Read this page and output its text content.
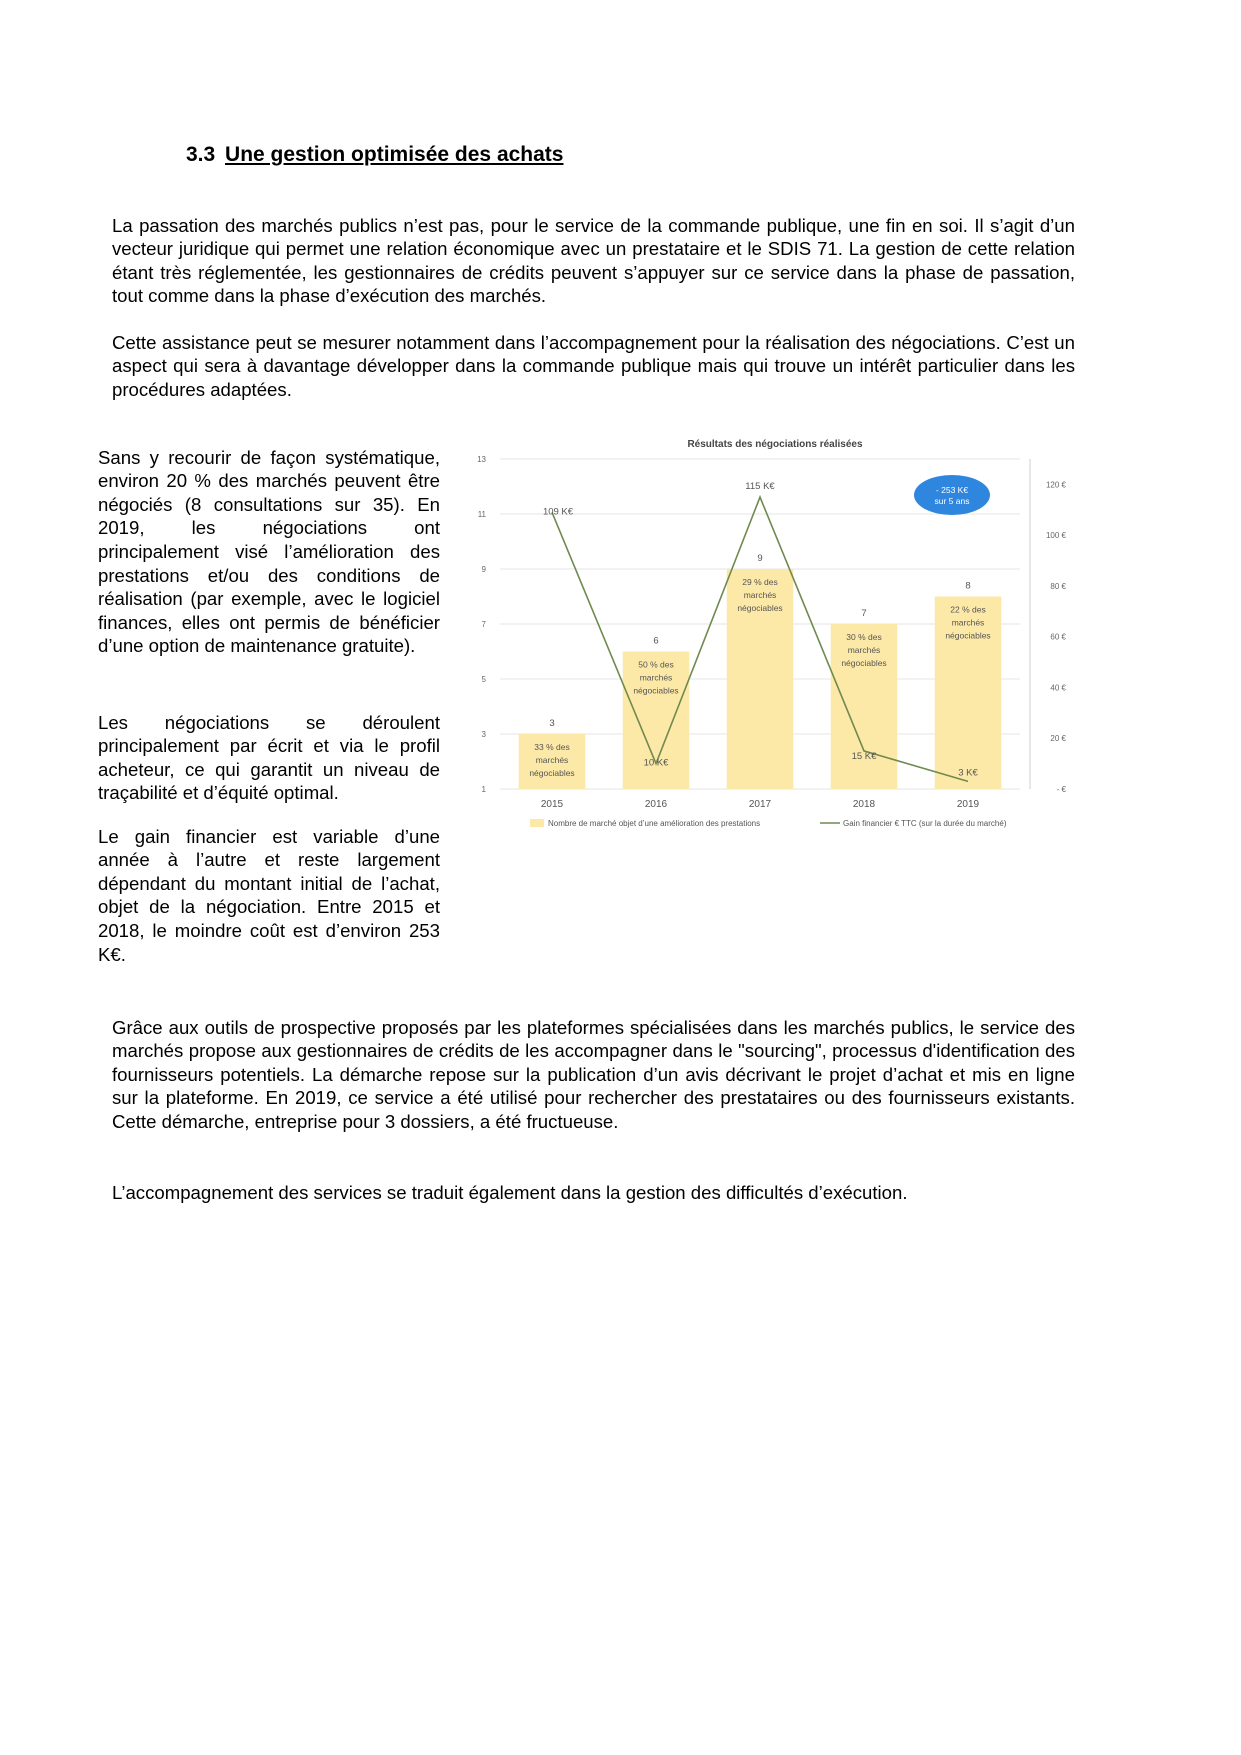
3.3 Une gestion optimisée des achats

La passation des marchés publics n’est pas, pour le service de la commande publique, une fin en soi. Il s’agit d’un vecteur juridique qui permet une relation économique avec un prestataire et le SDIS 71. La gestion de cette relation étant très réglementée, les gestionnaires de crédits peuvent s’appuyer sur ce service dans la phase de passation, tout comme dans la phase d’exécution des marchés.

Cette assistance peut se mesurer notamment dans l’accompagnement pour la réalisation des négociations. C’est un aspect qui sera à davantage développer dans la commande publique mais qui trouve un intérêt particulier dans les procédures adaptées.

Sans y recourir de façon systématique, environ 20 % des marchés peuvent être négociés (8 consultations sur 35). En 2019, les négociations ont principalement visé l’amélioration des prestations et/ou des conditions de réalisation (par exemple, avec le logiciel finances, elles ont permis de bénéficier d’une option de maintenance gratuite).

Les négociations se déroulent principalement par écrit et via le profil acheteur, ce qui garantit un niveau de traçabilité et d’équité optimal.

Le gain financier est variable d’une année à l’autre et reste largement dépendant du montant initial de l’achat, objet de la négociation. Entre 2015 et 2018, le moindre coût est d’environ 253 K€.

Résultats des négociations réalisées
1
3
5
7
9
11
13
- €
20 €
40 €
60 €
80 €
100 €
120 €
3
33 % des
marchés
négociables
6
50 % des
marchés
négociables
9
29 % des
marchés
négociables	7
30 % des
marchés
négociables
8
22 % des
marchés
négociables
109 K€
10 K€
115 K€
15 K€
3 K€
2015	2016	2017	2018	2019
- 253 K€
sur 5 ans
Nombre de marché objet d’une amélioration des prestations	Gain financier € TTC (sur la durée du marché)

Grâce aux outils de prospective proposés par les plateformes spécialisées dans les marchés publics, le service des marchés propose aux gestionnaires de crédits de les accompagner dans le "sourcing", processus d'identification des fournisseurs potentiels. La démarche repose sur la publication d’un avis décrivant le projet d’achat et mis en ligne sur la plateforme. En 2019, ce service a été utilisé pour rechercher des prestataires ou des fournisseurs existants. Cette démarche, entreprise pour 3 dossiers, a été fructueuse.

L’accompagnement des services se traduit également dans la gestion des difficultés d’exécution.
